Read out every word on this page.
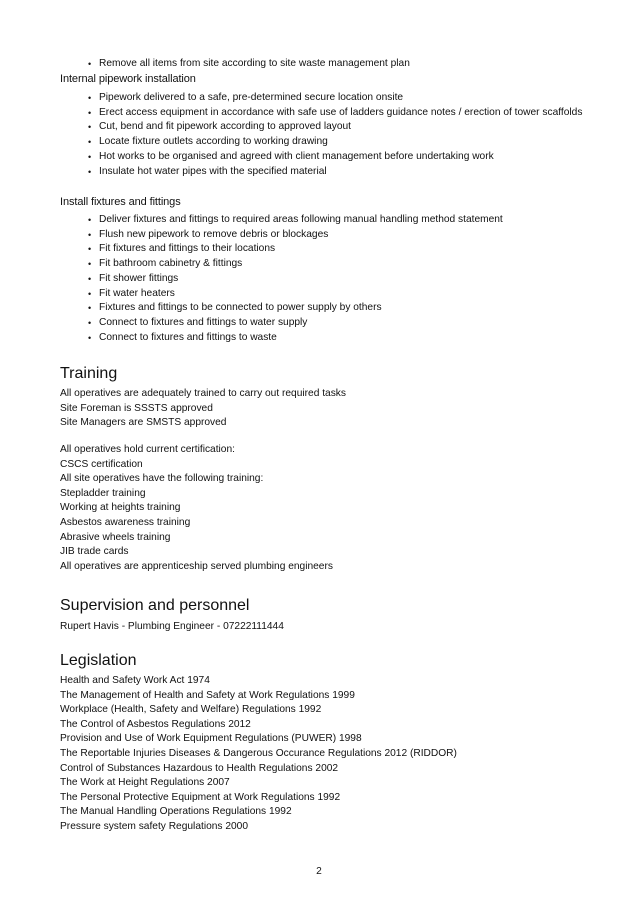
• Remove all items from site according to site waste management plan
Internal pipework installation
• Pipework delivered to a safe, pre-determined secure location onsite
• Erect access equipment in accordance with safe use of ladders guidance notes / erection of tower scaffolds
• Cut, bend and fit pipework according to approved layout
• Locate fixture outlets according to working drawing
• Hot works to be organised and agreed with client management before undertaking work
• Insulate hot water pipes with the specified material
Install fixtures and fittings
• Deliver fixtures and fittings to required areas following manual handling method statement
• Flush new pipework to remove debris or blockages
• Fit fixtures and fittings to their locations
• Fit bathroom cabinetry & fittings
• Fit shower fittings
• Fit water heaters
• Fixtures and fittings to be connected to power supply by others
• Connect to fixtures and fittings to water supply
• Connect to fixtures and fittings to waste
Training
All operatives are adequately trained to carry out required tasks
Site Foreman is SSSTS approved
Site Managers are SMSTS approved
All operatives hold current certification:
CSCS certification
All site operatives have the following training:
Stepladder training
Working at heights training
Asbestos awareness training
Abrasive wheels training
JIB trade cards
All operatives are apprenticeship served plumbing engineers
Supervision and personnel
Rupert Havis - Plumbing Engineer - 07222111444
Legislation
Health and Safety Work Act 1974
The Management of Health and Safety at Work Regulations 1999
Workplace (Health, Safety and Welfare) Regulations 1992
The Control of Asbestos Regulations 2012
Provision and Use of Work Equipment Regulations (PUWER) 1998
The Reportable Injuries Diseases & Dangerous Occurance Regulations 2012 (RIDDOR)
Control of Substances Hazardous to Health Regulations 2002
The Work at Height Regulations 2007
The Personal Protective Equipment at Work Regulations 1992
The Manual Handling Operations Regulations 1992
Pressure system safety Regulations 2000
2
